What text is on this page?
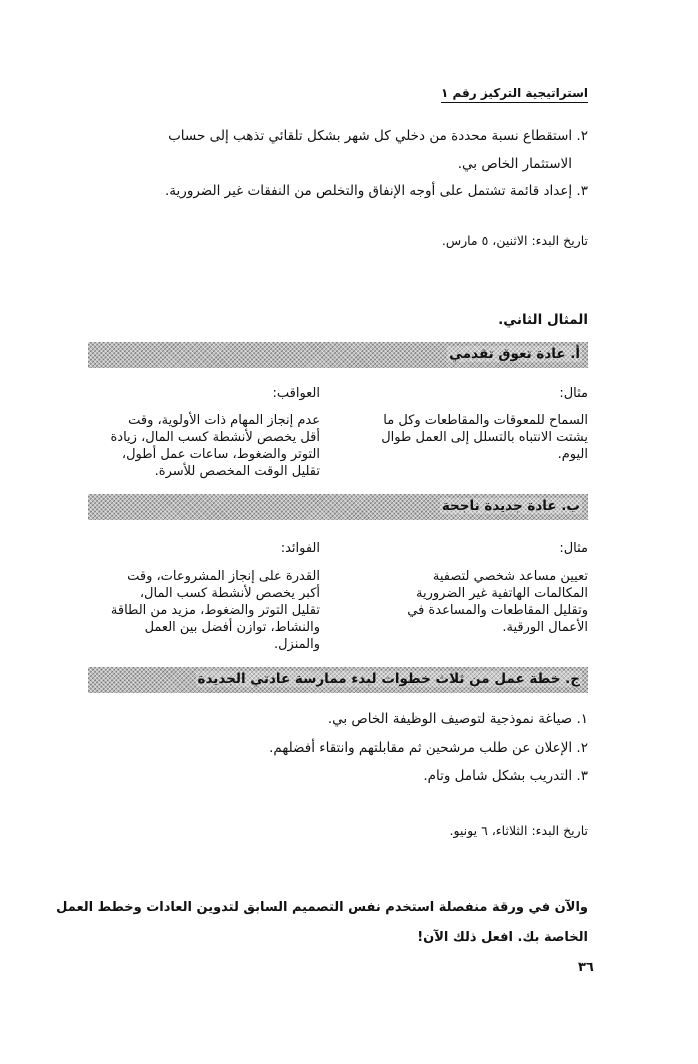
استراتيجية التركيز رقم ١
٢. استقطاع نسبة محددة من دخلي كل شهر بشكل تلقائي تذهب إلى حساب
الاستثمار الخاص بي.
٣. إعداد قائمة تشتمل على أوجه الإنفاق والتخلص من النفقات غير الضرورية.
تاريخ البدء: الاثنين، ٥ مارس.
المثال الثاني.
أ. عادة تعوق تقدمي
مثال:
العواقب:
السماح للمعوقات والمقاطعات وكل ما يشتت الانتباه بالتسلل إلى العمل طوال اليوم.
عدم إنجاز المهام ذات الأولوية، وقت أقل يخصص لأنشطة كسب المال، زيادة التوتر والضغوط، ساعات عمل أطول، تقليل الوقت المخصص للأسرة.
ب. عادة جديدة ناجحة
مثال:
الفوائد:
تعيين مساعد شخصي لتصفية المكالمات الهاتفية غير الضرورية وتقليل المقاطعات والمساعدة في الأعمال الورقية.
القدرة على إنجاز المشروعات، وقت أكبر يخصص لأنشطة كسب المال، تقليل التوتر والضغوط، مزيد من الطاقة والنشاط، توازن أفضل بين العمل والمنزل.
ج. خطة عمل من ثلاث خطوات لبدء ممارسة عادتي الجديدة
١. صياغة نموذجية لتوصيف الوظيفة الخاص بي.
٢. الإعلان عن طلب مرشحين ثم مقابلتهم وانتقاء أفضلهم.
٣. التدريب بشكل شامل وتام.
تاريخ البدء: الثلاثاء، ٦ يونيو.
والآن في ورقة منفصلة استخدم نفس التصميم السابق لتدوين العادات وخطط العمل
الخاصة بك. افعل ذلك الآن!
٣٦
